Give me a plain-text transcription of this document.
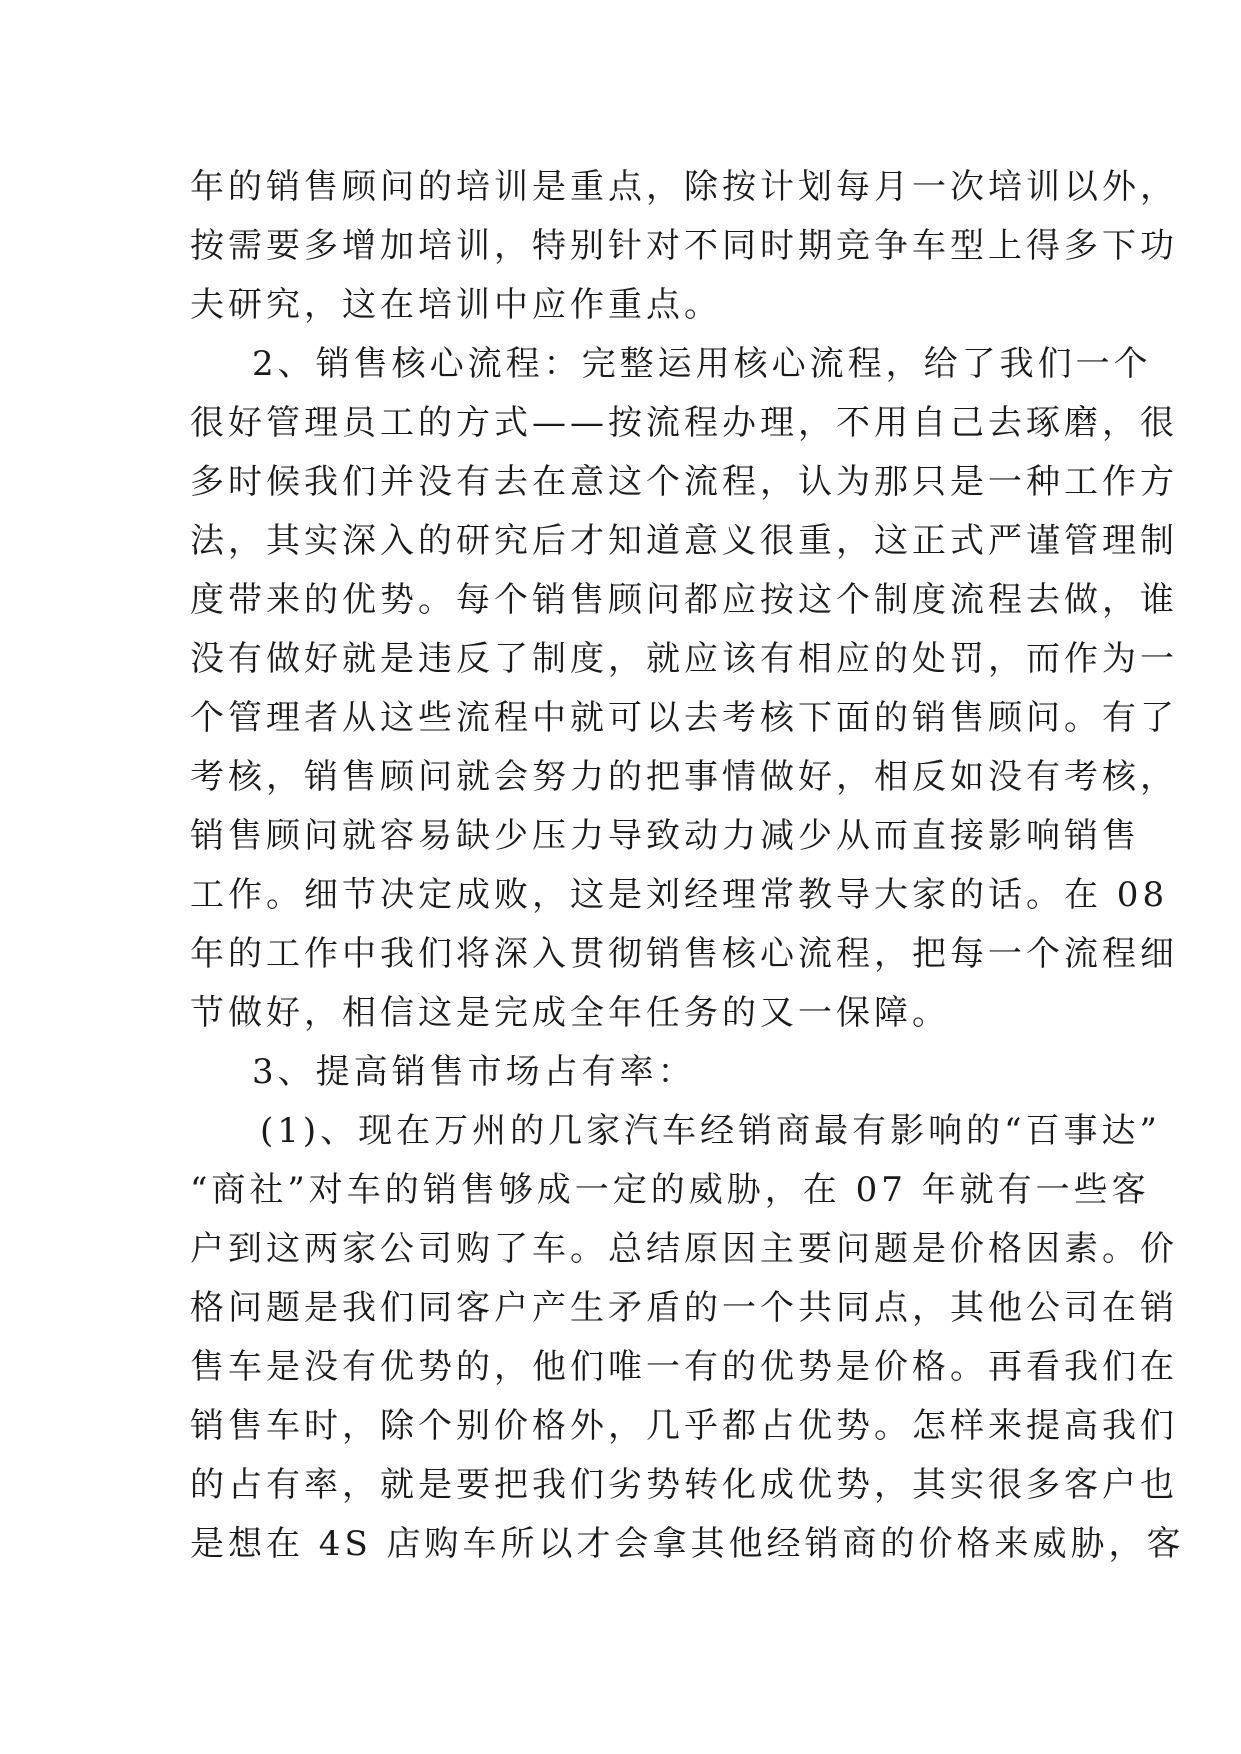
年的销售顾问的培训是重点，除按计划每月一次培训以外，
按需要多增加培训，特别针对不同时期竞争车型上得多下功
夫研究，这在培训中应作重点。
2、销售核心流程：完整运用核心流程，给了我们一个
很好管理员工的方式——按流程办理，不用自己去琢磨，很
多时候我们并没有去在意这个流程，认为那只是一种工作方
法，其实深入的研究后才知道意义很重，这正式严谨管理制
度带来的优势。每个销售顾问都应按这个制度流程去做，谁
没有做好就是违反了制度，就应该有相应的处罚，而作为一
个管理者从这些流程中就可以去考核下面的销售顾问。有了
考核，销售顾问就会努力的把事情做好，相反如没有考核，
销售顾问就容易缺少压力导致动力减少从而直接影响销售
工作。细节决定成败，这是刘经理常教导大家的话。在 08
年的工作中我们将深入贯彻销售核心流程，把每一个流程细
节做好，相信这是完成全年任务的又一保障。
3、提高销售市场占有率：
(1)、现在万州的几家汽车经销商最有影响的“百事达”
“商社”对车的销售够成一定的威胁，在 07 年就有一些客
户到这两家公司购了车。总结原因主要问题是价格因素。价
格问题是我们同客户产生矛盾的一个共同点，其他公司在销
售车是没有优势的，他们唯一有的优势是价格。再看我们在
销售车时，除个别价格外，几乎都占优势。怎样来提高我们
的占有率，就是要把我们劣势转化成优势，其实很多客户也
是想在 4S 店购车所以才会拿其他经销商的价格来威胁，客
